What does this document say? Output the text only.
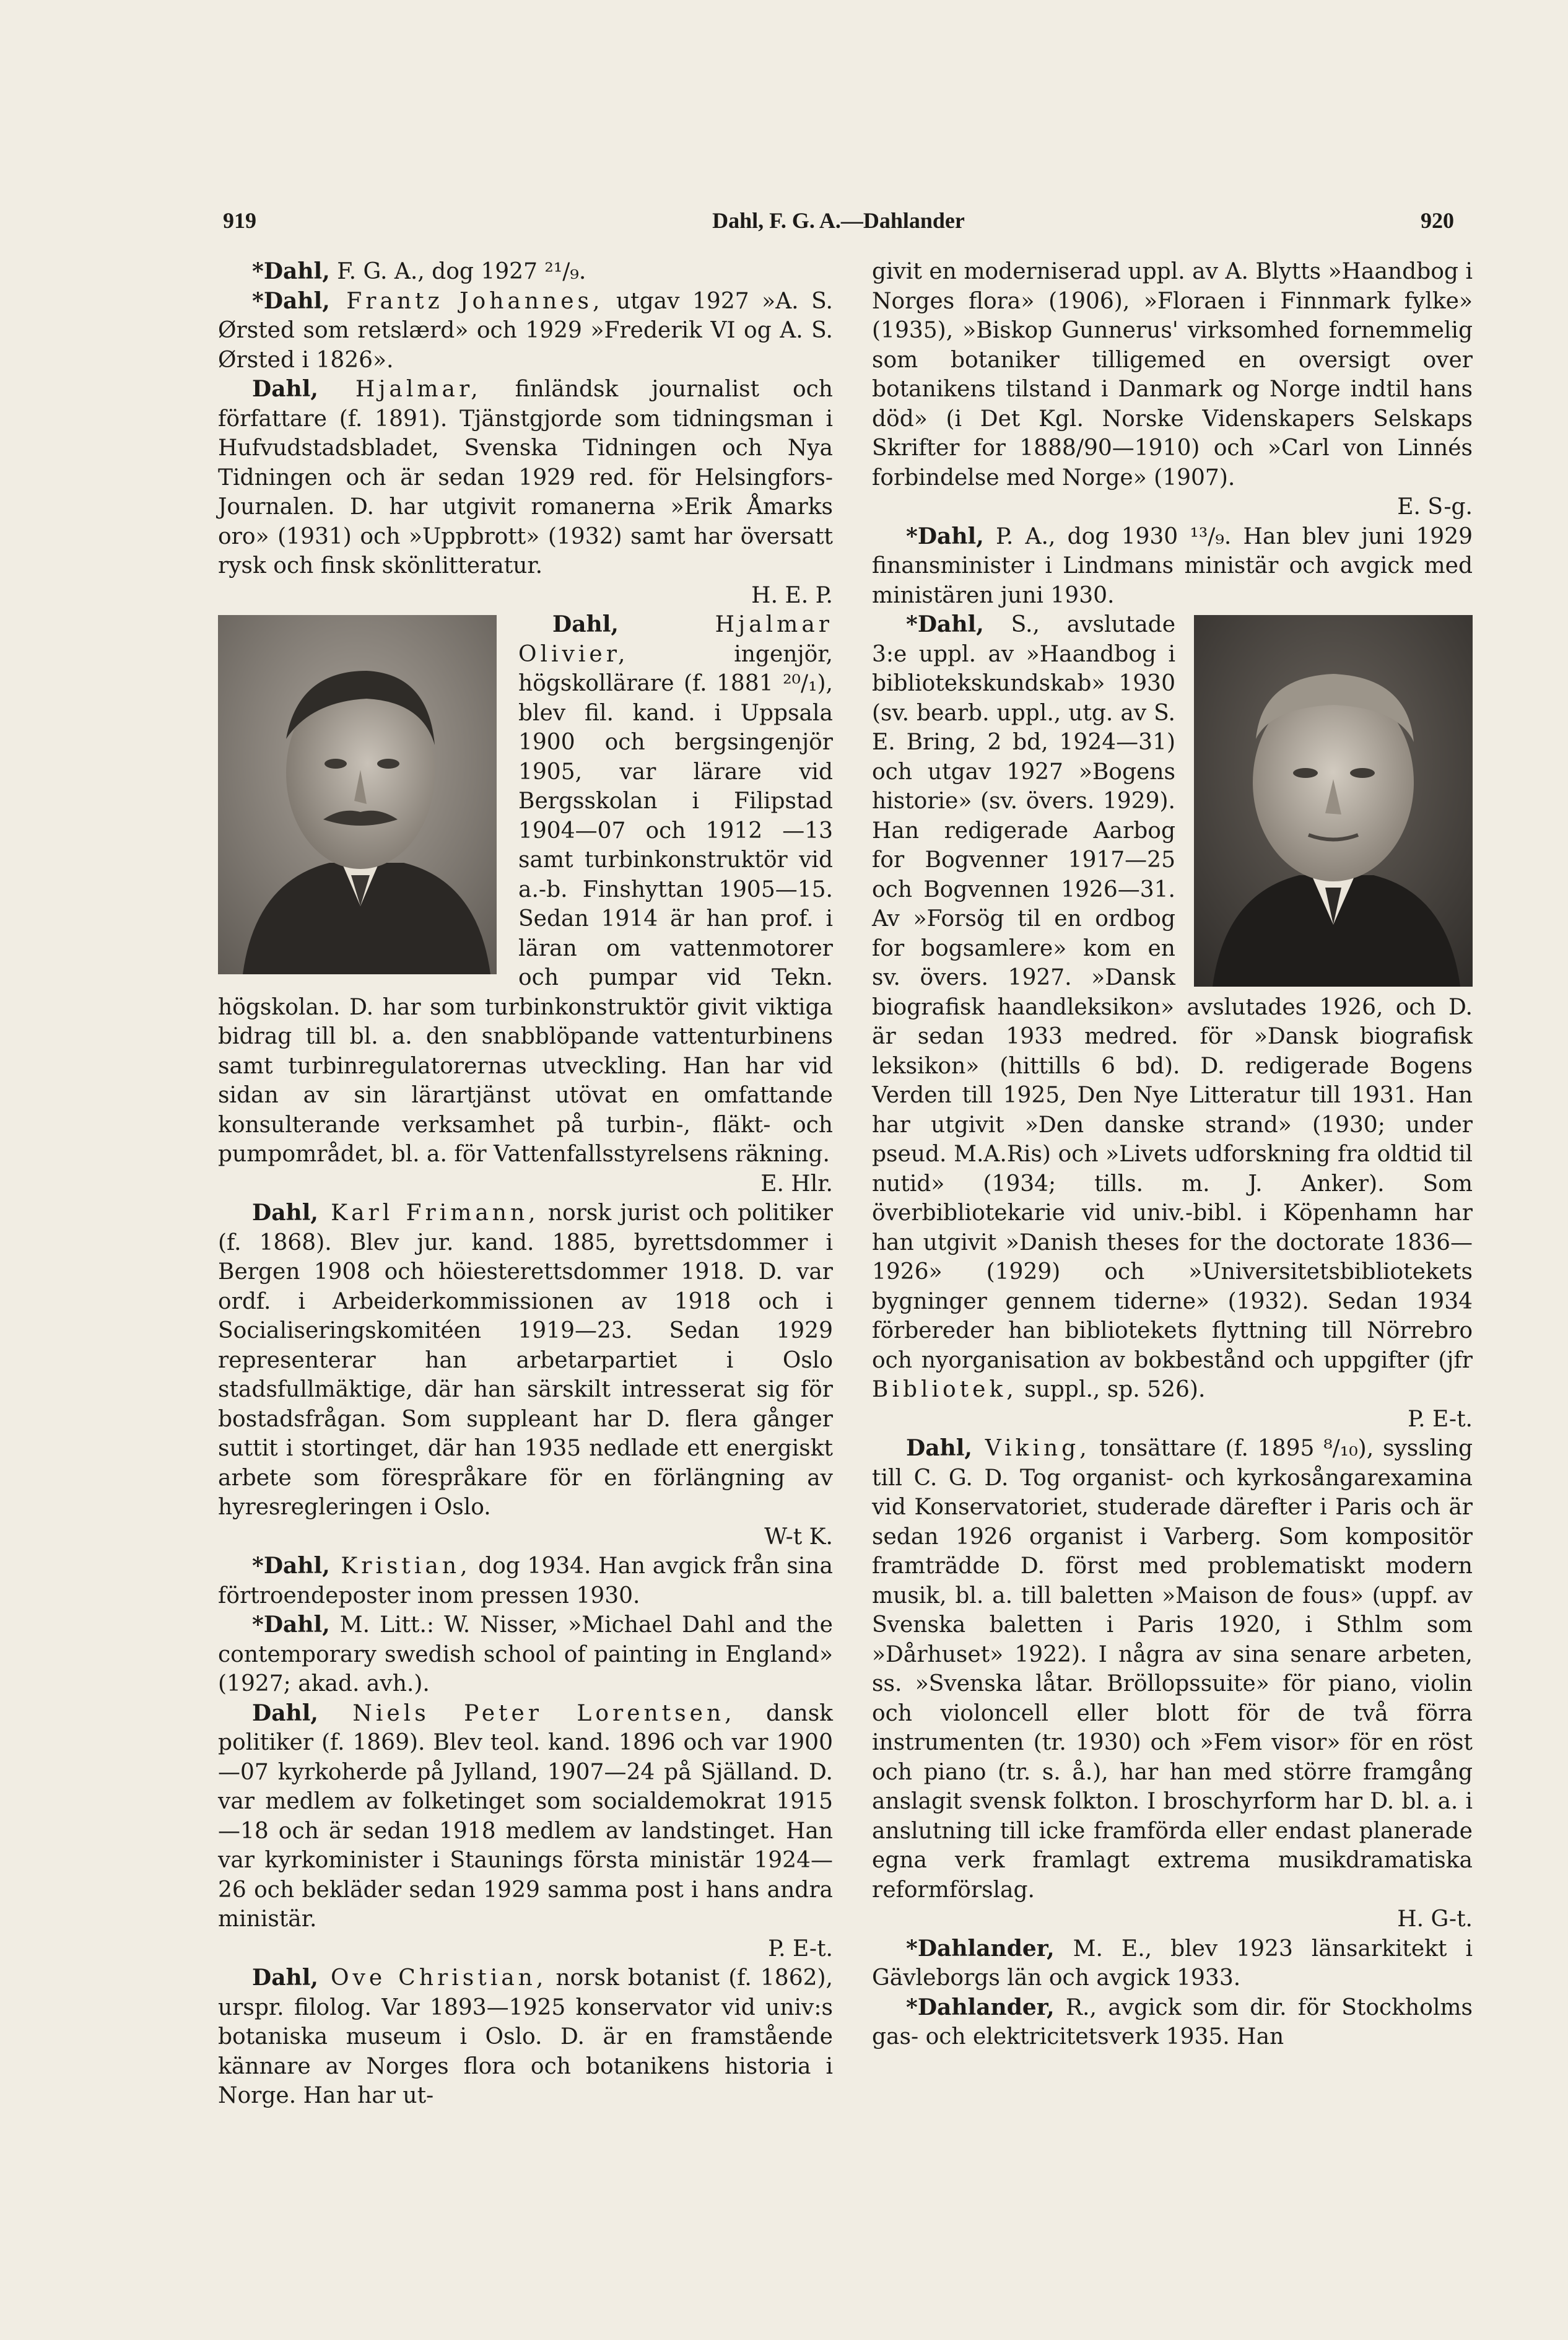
919	Dahl, F. G. A.—Dahlander	920

*Dahl, F. G. A., dog 1927 ²¹/₉.

*Dahl, Frantz Johannes, utgav 1927 »A. S. Ørsted som retslærd» och 1929 »Frederik VI og A. S. Ørsted i 1826».

Dahl, Hjalmar, finländsk journalist och författare (f. 1891). Tjänstgjorde som tidningsman i Hufvudstadsbladet, Svenska Tidningen och Nya Tidningen och är sedan 1929 red. för Helsingfors-Journalen. D. har utgivit romanerna »Erik Åmarks oro» (1931) och »Uppbrott» (1932) samt har översatt rysk och finsk skönlitteratur.
H. E. P.

Dahl, Hjalmar Olivier, ingenjör, högskollärare (f. 1881 ²⁰/₁), blev fil. kand. i Uppsala 1900 och bergsingenjör 1905, var lärare vid Bergsskolan i Filipstad 1904—07 och 1912 —13 samt turbinkonstruktör vid a.-b. Finshyttan 1905—15. Sedan 1914 är han prof. i läran om vattenmotorer och pumpar vid Tekn. högskolan. D. har som turbinkonstruktör givit viktiga bidrag till bl. a. den snabblöpande vattenturbinens samt turbinregulatorernas utveckling. Han har vid sidan av sin lärartjänst utövat en omfattande konsulterande verksamhet på turbin-, fläkt- och pumpområdet, bl. a. för Vattenfallsstyrelsens räkning.
E. Hlr.

Dahl, Karl Frimann, norsk jurist och politiker (f. 1868). Blev jur. kand. 1885, byrettsdommer i Bergen 1908 och höiesterettsdommer 1918. D. var ordf. i Arbeiderkommissionen av 1918 och i Socialiseringskomitéen 1919—23. Sedan 1929 representerar han arbetarpartiet i Oslo stadsfullmäktige, där han särskilt intresserat sig för bostadsfrågan. Som suppleant har D. flera gånger suttit i stortinget, där han 1935 nedlade ett energiskt arbete som förespråkare för en förlängning av hyresregleringen i Oslo.
W-t K.

*Dahl, Kristian, dog 1934. Han avgick från sina förtroendeposter inom pressen 1930.

*Dahl, M. Litt.: W. Nisser, »Michael Dahl and the contemporary swedish school of painting in England» (1927; akad. avh.).

Dahl, Niels Peter Lorentsen, dansk politiker (f. 1869). Blev teol. kand. 1896 och var 1900—07 kyrkoherde på Jylland, 1907—24 på Själland. D. var medlem av folketinget som socialdemokrat 1915—18 och är sedan 1918 medlem av landstinget. Han var kyrkominister i Staunings första ministär 1924—26 och bekläder sedan 1929 samma post i hans andra ministär.
P. E-t.

Dahl, Ove Christian, norsk botanist (f. 1862), urspr. filolog. Var 1893—1925 konservator vid univ:s botaniska museum i Oslo. D. är en framstående kännare av Norges flora och botanikens historia i Norge. Han har ut-

givit en moderniserad uppl. av A. Blytts »Haandbog i Norges flora» (1906), »Floraen i Finnmark fylke» (1935), »Biskop Gunnerus' virksomhed fornemmelig som botaniker tilligemed en oversigt over botanikens tilstand i Danmark og Norge indtil hans död» (i Det Kgl. Norske Videnskapers Selskaps Skrifter for 1888/90—1910) och »Carl von Linnés forbindelse med Norge» (1907).
E. S-g.

*Dahl, P. A., dog 1930 ¹³/₉. Han blev juni 1929 finansminister i Lindmans ministär och avgick med ministären juni 1930.

*Dahl, S., avslutade 3:e uppl. av »Haandbog i bibliotekskundskab» 1930 (sv. bearb. uppl., utg. av S. E. Bring, 2 bd, 1924—31) och utgav 1927 »Bogens historie» (sv. övers. 1929). Han redigerade Aarbog for Bogvenner 1917—25 och Bogvennen 1926—31. Av »Forsög til en ordbog for bogsamlere» kom en sv. övers. 1927. »Dansk biografisk haandleksikon» avslutades 1926, och D. är sedan 1933 medred. för »Dansk biografisk leksikon» (hittills 6 bd). D. redigerade Bogens Verden till 1925, Den Nye Litteratur till 1931. Han har utgivit »Den danske strand» (1930; under pseud. M.A.Ris) och »Livets udforskning fra oldtid til nutid» (1934; tills. m. J. Anker). Som överbibliotekarie vid univ.-bibl. i Köpenhamn har han utgivit »Danish theses for the doctorate 1836—1926» (1929) och »Universitetsbibliotekets bygninger gennem tiderne» (1932). Sedan 1934 förbereder han bibliotekets flyttning till Nörrebro och nyorganisation av bokbestånd och uppgifter (jfr Bibliotek, suppl., sp. 526).
P. E-t.

Dahl, Viking, tonsättare (f. 1895 ⁸/₁₀), syssling till C. G. D. Tog organist- och kyrkosångarexamina vid Konservatoriet, studerade därefter i Paris och är sedan 1926 organist i Varberg. Som kompositör framträdde D. först med problematiskt modern musik, bl. a. till baletten »Maison de fous» (uppf. av Svenska baletten i Paris 1920, i Sthlm som »Dårhuset» 1922). I några av sina senare arbeten, ss. »Svenska låtar. Bröllopssuite» för piano, violin och violoncell eller blott för de två förra instrumenten (tr. 1930) och »Fem visor» för en röst och piano (tr. s. å.), har han med större framgång anslagit svensk folkton. I broschyrform har D. bl. a. i anslutning till icke framförda eller endast planerade egna verk framlagt extrema musikdramatiska reformförslag.
H. G-t.

*Dahlander, M. E., blev 1923 länsarkitekt i Gävleborgs län och avgick 1933.

*Dahlander, R., avgick som dir. för Stockholms gas- och elektricitetsverk 1935. Han
